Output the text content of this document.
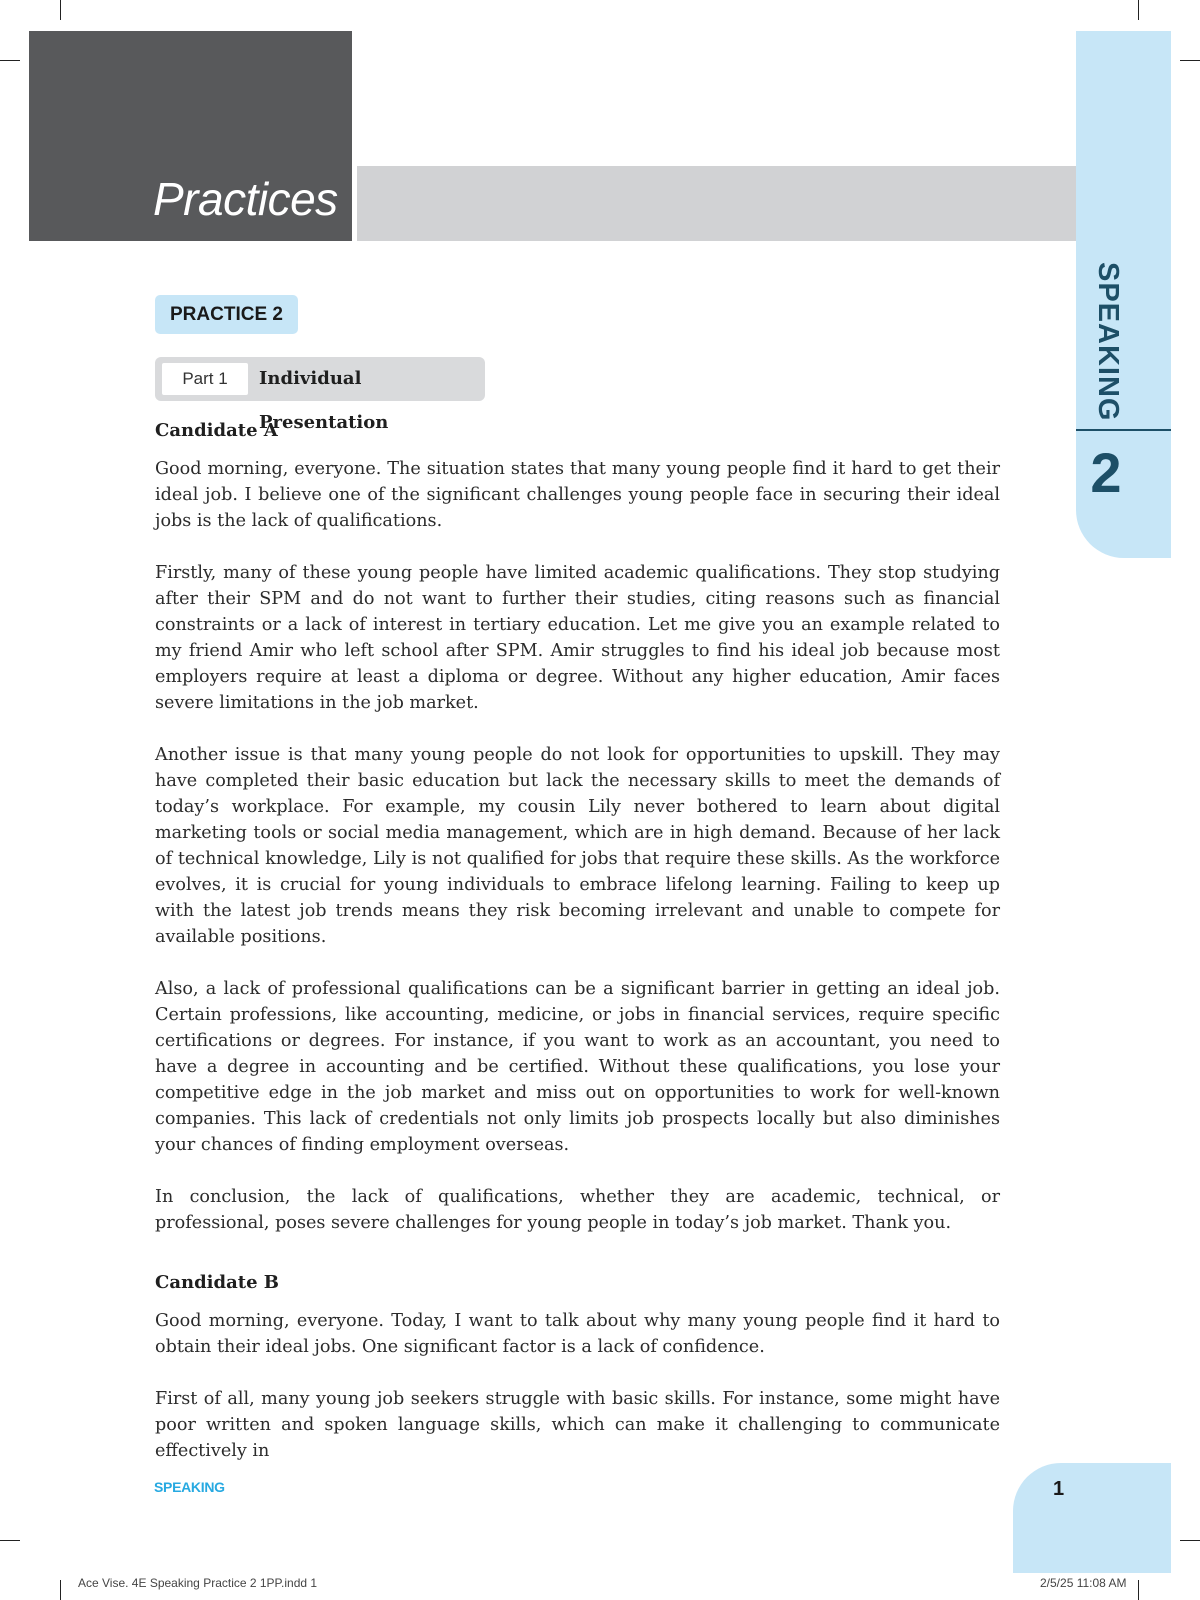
Practices
SPEAKING
2
PRACTICE 2
Part 1	Individual Presentation
Candidate A

Good morning, everyone. The situation states that many young people find it hard to get their ideal job. I believe one of the significant challenges young people face in securing their ideal jobs is the lack of qualifications.

Firstly, many of these young people have limited academic qualifications. They stop studying after their SPM and do not want to further their studies, citing reasons such as financial constraints or a lack of interest in tertiary education. Let me give you an example related to my friend Amir who left school after SPM. Amir struggles to find his ideal job because most employers require at least a diploma or degree. Without any higher education, Amir faces severe limitations in the job market.

Another issue is that many young people do not look for opportunities to upskill. They may have completed their basic education but lack the necessary skills to meet the demands of today’s workplace. For example, my cousin Lily never bothered to learn about digital marketing tools or social media management, which are in high demand. Because of her lack of technical knowledge, Lily is not qualified for jobs that require these skills. As the workforce evolves, it is crucial for young individuals to embrace lifelong learning. Failing to keep up with the latest job trends means they risk becoming irrelevant and unable to compete for available positions.

Also, a lack of professional qualifications can be a significant barrier in getting an ideal job. Certain professions, like accounting, medicine, or jobs in financial services, require specific certifications or degrees. For instance, if you want to work as an accountant, you need to have a degree in accounting and be certified. Without these qualifications, you lose your competitive edge in the job market and miss out on opportunities to work for well-known companies. This lack of credentials not only limits job prospects locally but also diminishes your chances of finding employment overseas.

In conclusion, the lack of qualifications, whether they are academic, technical, or professional, poses severe challenges for young people in today’s job market. Thank you.

Candidate B

Good morning, everyone. Today, I want to talk about why many young people find it hard to obtain their ideal jobs. One significant factor is a lack of confidence.

First of all, many young job seekers struggle with basic skills. For instance, some might have poor written and spoken language skills, which can make it challenging to communicate effectively in

SPEAKING	1
Ace Vise. 4E Speaking Practice 2 1PP.indd 1	2/5/25 11:08 AM
